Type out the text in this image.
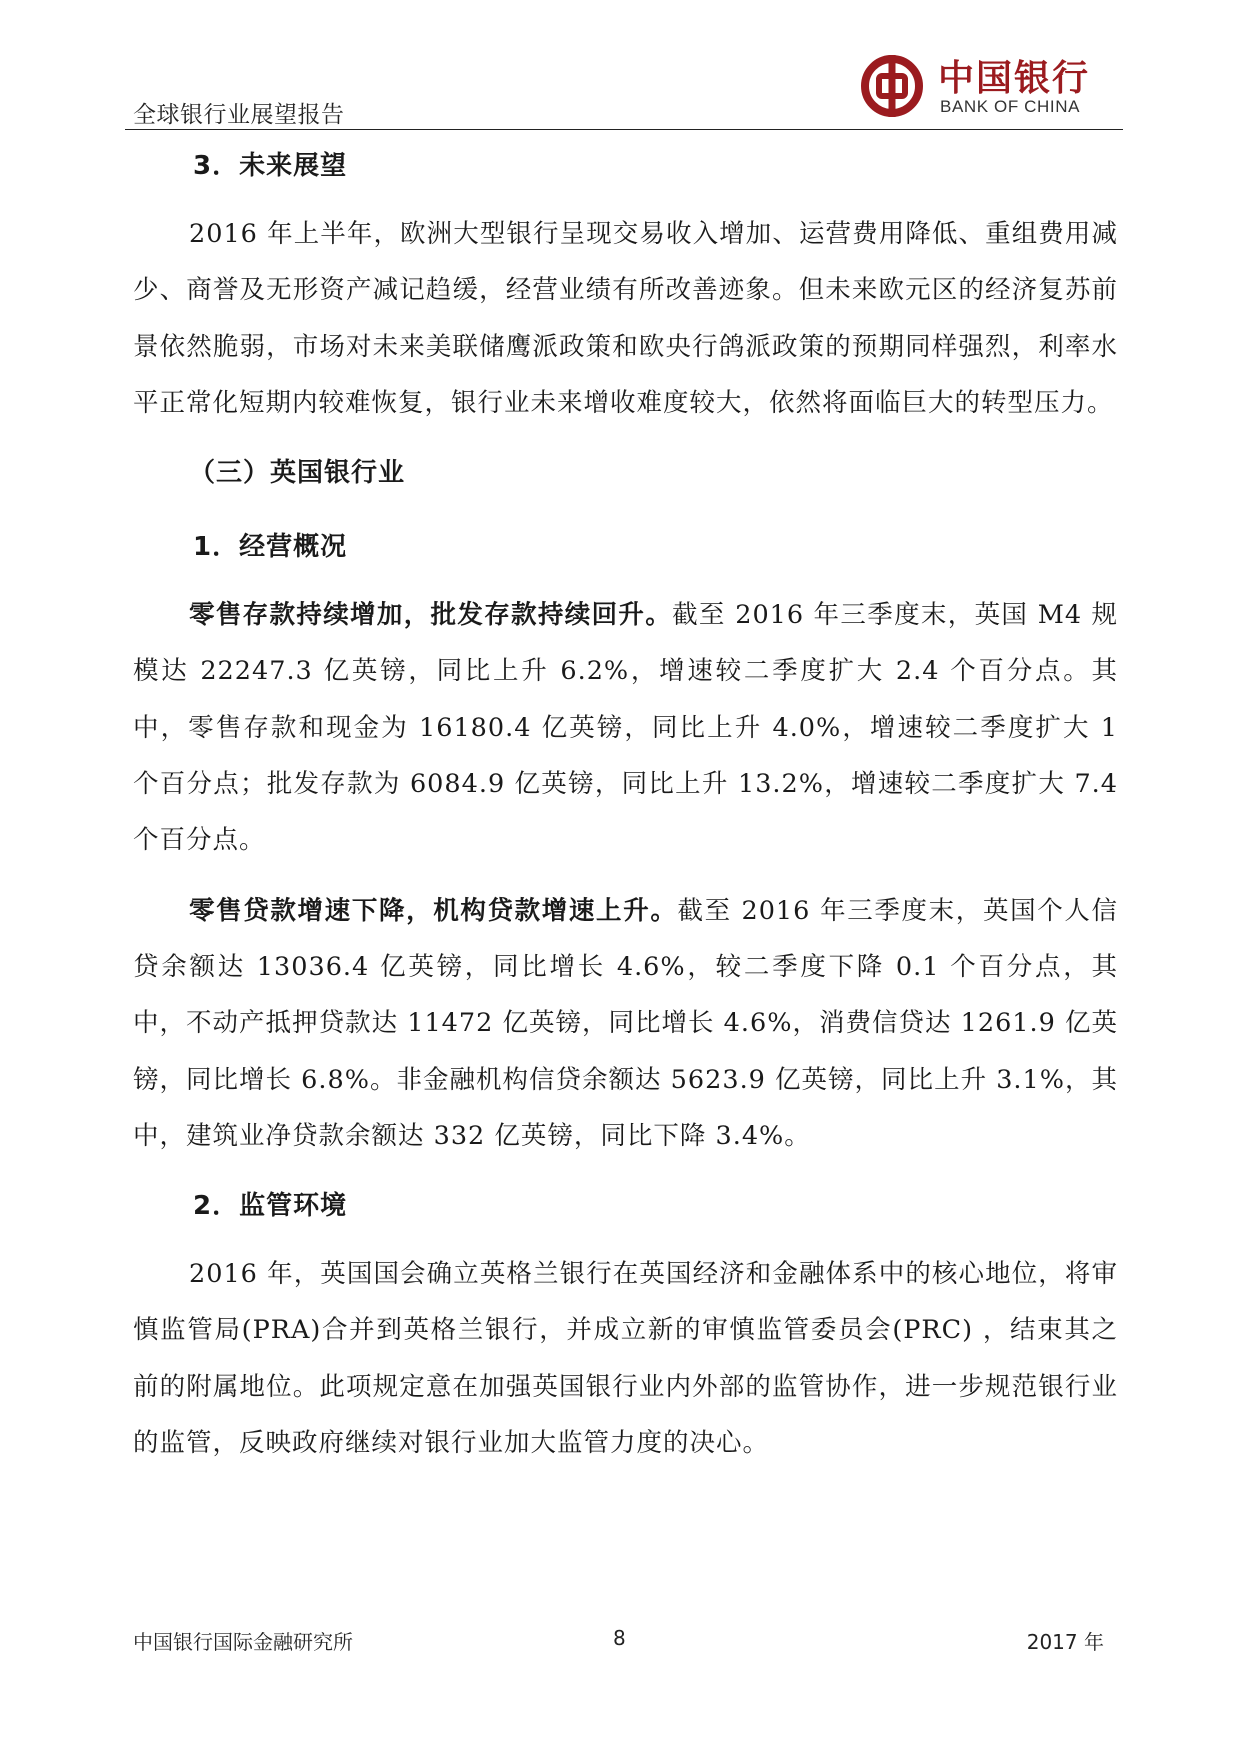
全球银行业展望报告
中国银行
BANK OF CHINA
3．未来展望

2016 年上半年，欧洲大型银行呈现交易收入增加、运营费用降低、重组费用减少、商誉及无形资产减记趋缓，经营业绩有所改善迹象。但未来欧元区的经济复苏前景依然脆弱，市场对未来美联储鹰派政策和欧央行鸽派政策的预期同样强烈，利率水平正常化短期内较难恢复，银行业未来增收难度较大，依然将面临巨大的转型压力。

（三）英国银行业
1．经营概况

零售存款持续增加，批发存款持续回升。截至 2016 年三季度末，英国 M4 规模达 22247.3 亿英镑，同比上升 6.2%，增速较二季度扩大 2.4 个百分点。其中，零售存款和现金为 16180.4 亿英镑，同比上升 4.0%，增速较二季度扩大 1 个百分点；批发存款为 6084.9 亿英镑，同比上升 13.2%，增速较二季度扩大 7.4 个百分点。

零售贷款增速下降，机构贷款增速上升。截至 2016 年三季度末，英国个人信贷余额达 13036.4 亿英镑，同比增长 4.6%，较二季度下降 0.1 个百分点，其中，不动产抵押贷款达 11472 亿英镑，同比增长 4.6%，消费信贷达 1261.9 亿英镑，同比增长 6.8%。非金融机构信贷余额达 5623.9 亿英镑，同比上升 3.1%，其中，建筑业净贷款余额达 332 亿英镑，同比下降 3.4%。

2．监管环境

2016 年，英国国会确立英格兰银行在英国经济和金融体系中的核心地位，将审慎监管局(PRA)合并到英格兰银行，并成立新的审慎监管委员会(PRC) ，结束其之前的附属地位。此项规定意在加强英国银行业内外部的监管协作，进一步规范银行业的监管，反映政府继续对银行业加大监管力度的决心。

中国银行国际金融研究所	8	2017 年
